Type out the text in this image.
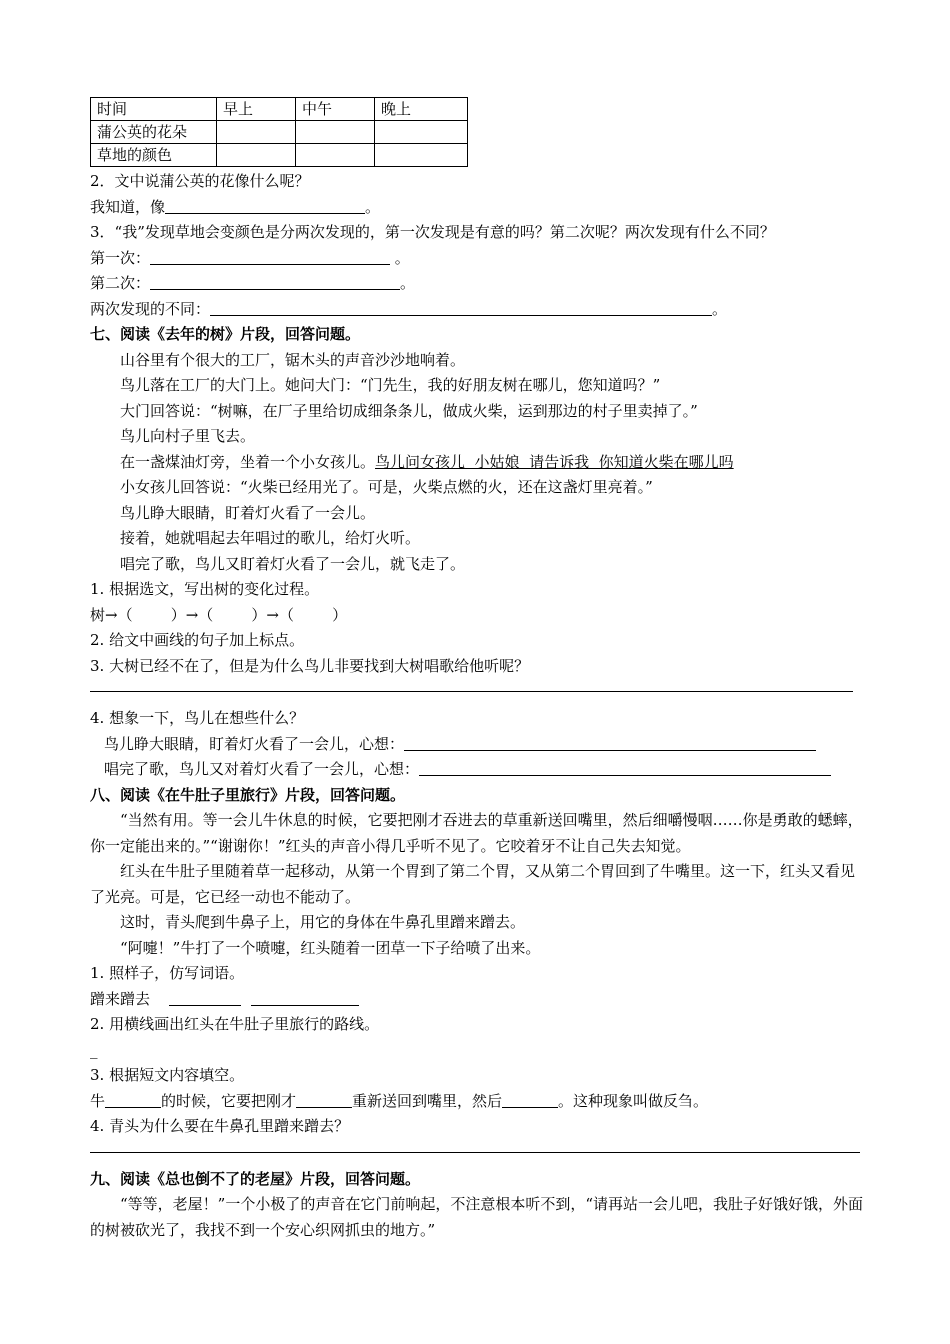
时间	早上	中午	晚上
蒲公英的花朵			
草地的颜色			
2．文中说蒲公英的花像什么呢？
我知道，像	。
3．“我”发现草地会变颜色是分两次发现的，第一次发现是有意的吗？第二次呢？两次发现有什么不同？
第一次：	。
第二次：	。
两次发现的不同：	。
七、阅读《去年的树》片段，回答问题。
山谷里有个很大的工厂，锯木头的声音沙沙地响着。
鸟儿落在工厂的大门上。她问大门：“门先生，我的好朋友树在哪儿，您知道吗？”
大门回答说：“树嘛，在厂子里给切成细条条儿，做成火柴，运到那边的村子里卖掉了。”
鸟儿向村子里飞去。
在一盏煤油灯旁，坐着一个小女孩儿。鸟儿问女孩儿  小姑娘  请告诉我  你知道火柴在哪儿吗
小女孩儿回答说：“火柴已经用光了。可是，火柴点燃的火，还在这盏灯里亮着。”
鸟儿睁大眼睛，盯着灯火看了一会儿。
接着，她就唱起去年唱过的歌儿，给灯火听。
唱完了歌，鸟儿又盯着灯火看了一会儿，就飞走了。
1. 根据选文，写出树的变化过程。
树→（        ）→（        ）→（        ）
2. 给文中画线的句子加上标点。
3. 大树已经不在了，但是为什么鸟儿非要找到大树唱歌给他听呢？
4. 想象一下，鸟儿在想些什么？
鸟儿睁大眼睛，盯着灯火看了一会儿，心想：
唱完了歌，鸟儿又对着灯火看了一会儿，心想：
八、阅读《在牛肚子里旅行》片段，回答问题。
“当然有用。等一会儿牛休息的时候，它要把刚才吞进去的草重新送回嘴里，然后细嚼慢咽……你是勇敢的蟋蟀，你一定能出来的。”“谢谢你！”红头的声音小得几乎听不见了。它咬着牙不让自己失去知觉。
红头在牛肚子里随着草一起移动，从第一个胃到了第二个胃，又从第二个胃回到了牛嘴里。这一下，红头又看见了光亮。可是，它已经一动也不能动了。
这时，青头爬到牛鼻子上，用它的身体在牛鼻孔里蹭来蹭去。
“阿嚏！”牛打了一个喷嚏，红头随着一团草一下子给喷了出来。
1. 照样子，仿写词语。
蹭来蹭去
2. 用横线画出红头在牛肚子里旅行的路线。
_
3. 根据短文内容填空。
牛	的时候，它要把刚才	重新送回到嘴里，然后	。这种现象叫做反刍。
4. 青头为什么要在牛鼻孔里蹭来蹭去？
九、阅读《总也倒不了的老屋》片段，回答问题。
“等等，老屋！”一个小极了的声音在它门前响起，不注意根本听不到，“请再站一会儿吧，我肚子好饿好饿，外面的树被砍光了，我找不到一个安心织网抓虫的地方。”
